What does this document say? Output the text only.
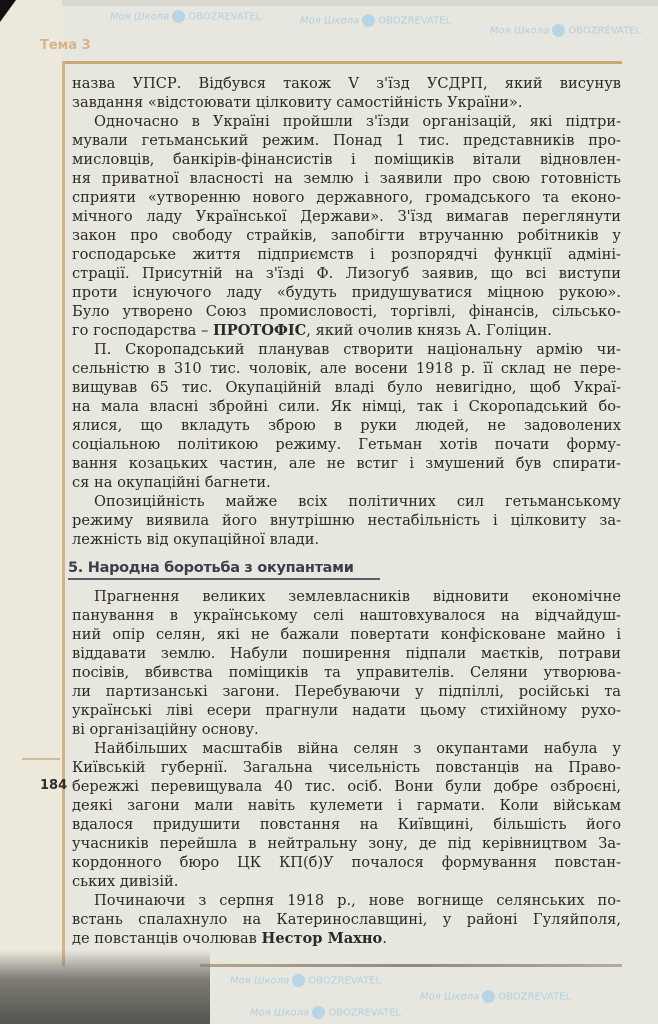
Моя Школа OBOZREVATEL	Моя Школа OBOZREVATEL
Моя Школа OBOZREVATEL
Моя Школа OBOZREVATEL
Моя Школа OBOZREVATEL
Моя Школа OBOZREVATEL
Тема 3
назва УПСР. Відбувся також V з'їзд УСДРП, який висунув
завдання «відстоювати цілковиту самостійність України».
Одночасно в Україні пройшли з'їзди організацій, які підтри-
мували гетьманський режим. Понад 1 тис. представників про-
мисловців, банкірів-фінансистів і поміщиків вітали відновлен-
ня приватної власності на землю і заявили про свою готовність
сприяти «утворенню нового державного, громадського та еконо-
мічного ладу Української Держави». З'їзд вимагав переглянути
закон про свободу страйків, запобігти втручанню робітників у
господарське життя підприємств і розпорядчі функції адміні-
страції. Присутній на з'їзді Ф. Лизогуб заявив, що всі виступи
проти існуючого ладу «будуть придушуватися міцною рукою».
Було утворено Союз промисловості, торгівлі, фінансів, сільсько-
го господарства – ПРОТОФІС, який очолив князь А. Голіцин.
П. Скоропадський планував створити національну армію чи-
сельністю в 310 тис. чоловік, але восени 1918 р. її склад не пере-
вищував 65 тис. Окупаційній владі було невигідно, щоб Украї-
на мала власні збройні сили. Як німці, так і Скоропадський бо-
ялися, що вкладуть зброю в руки людей, не задоволених
соціальною політикою режиму. Гетьман хотів почати форму-
вання козацьких частин, але не встиг і змушений був спирати-
ся на окупаційні багнети.
Опозиційність майже всіх політичних сил гетьманському
режиму виявила його внутрішню нестабільність і цілковиту за-
лежність від окупаційної влади.
5. Народна боротьба з окупантами
Прагнення великих землевласників відновити економічне
панування в українському селі наштовхувалося на відчайдуш-
ний опір селян, які не бажали повертати конфісковане майно і
віддавати землю. Набули поширення підпали маєтків, потрави
посівів, вбивства поміщиків та управителів. Селяни утворюва-
ли партизанські загони. Перебуваючи у підпіллі, російські та
українські ліві есери прагнули надати цьому стихійному рухо-
ві організаційну основу.
Найбільших масштабів війна селян з окупантами набула у
Київській губернії. Загальна чисельність повстанців на Право-
бережжі перевищувала 40 тис. осіб. Вони були добре озброєні,
деякі загони мали навіть кулемети і гармати. Коли військам
вдалося придушити повстання на Київщині, більшість його
учасників перейшла в нейтральну зону, де під керівництвом За-
кордонного бюро ЦК КП(б)У почалося формування повстан-
ських дивізій.
Починаючи з серпня 1918 р., нове вогнище селянських по-
встань спалахнуло на Катеринославщині, у районі Гуляйполя,
де повстанців очолював Нестор Махно.
184
